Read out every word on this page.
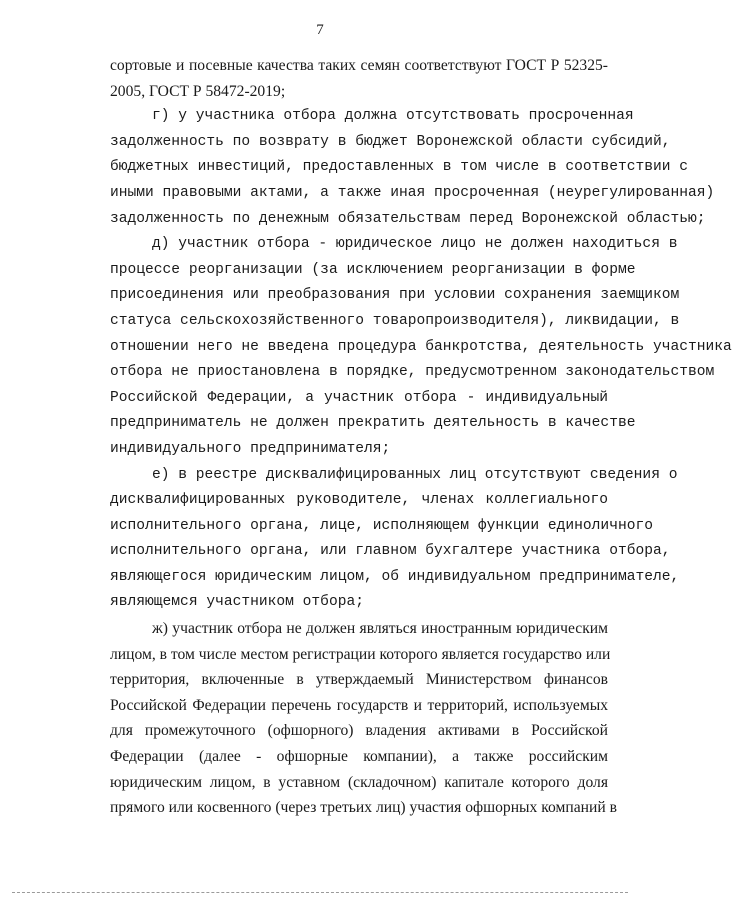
7
сортовые и посевные качества таких семян соответствуют ГОСТ Р 52325-
2005, ГОСТ Р 58472-2019;
г) у участника отбора должна отсутствовать просроченная
задолженность по возврату в бюджет Воронежской области субсидий,
бюджетных инвестиций, предоставленных в том числе в соответствии с
иными правовыми актами, а также иная просроченная (неурегулированная)
задолженность по денежным обязательствам перед Воронежской областью;
д) участник отбора - юридическое лицо не должен находиться в
процессе реорганизации (за исключением реорганизации в форме
присоединения или преобразования при условии сохранения заемщиком
статуса сельскохозяйственного товаропроизводителя), ликвидации, в
отношении него не введена процедура банкротства, деятельность участника
отбора не приостановлена в порядке, предусмотренном законодательством
Российской Федерации, а участник отбора - индивидуальный
предприниматель не должен прекратить деятельность в качестве
индивидуального предпринимателя;
е) в реестре дисквалифицированных лиц отсутствуют сведения о
дисквалифицированных руководителе, членах коллегиального
исполнительного органа, лице, исполняющем функции единоличного
исполнительного органа, или главном бухгалтере участника отбора,
являющегося юридическим лицом, об индивидуальном предпринимателе,
являющемся участником отбора;
ж) участник отбора не должен являться иностранным юридическим
лицом, в том числе местом регистрации которого является государство или
территория, включенные в утверждаемый Министерством финансов
Российской Федерации перечень государств и территорий, используемых
для промежуточного (офшорного) владения активами в Российской
Федерации (далее - офшорные компании), а также российским
юридическим лицом, в уставном (складочном) капитале которого доля
прямого или косвенного (через третьих лиц) участия офшорных компаний в
